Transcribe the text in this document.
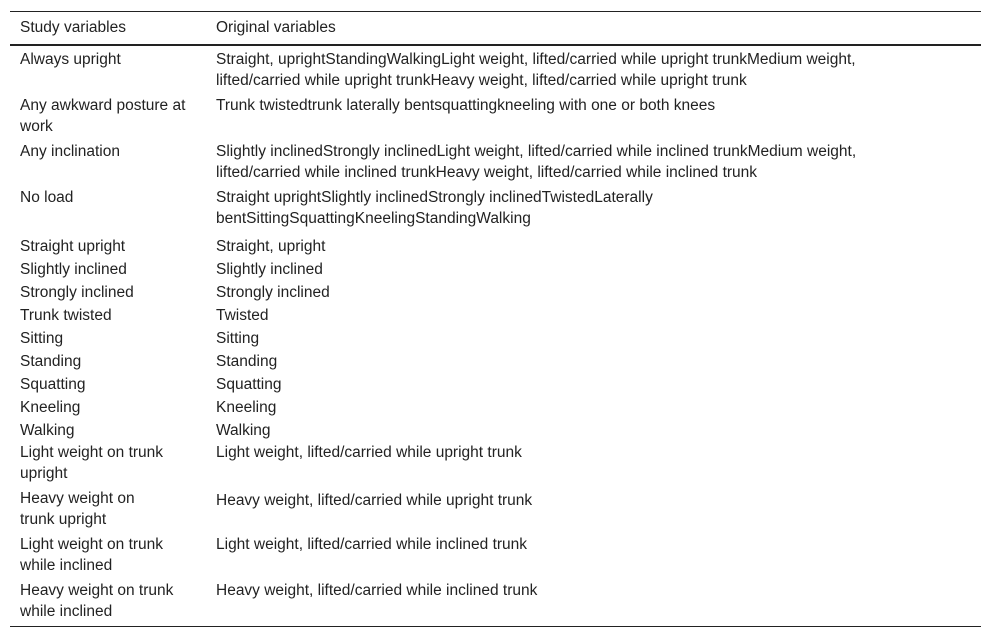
Study variables	Original variables
Always upright	Straight, uprightStandingWalkingLight weight, lifted/carried while upright trunkMedium weight, lifted/carried while upright trunkHeavy weight, lifted/carried while upright trunk
Any awkward posture at work	Trunk twistedtrunk laterally bentsquattingkneeling with one or both knees
Any inclination	Slightly inclinedStrongly inclinedLight weight, lifted/carried while inclined trunkMedium weight, lifted/carried while inclined trunkHeavy weight, lifted/carried while inclined trunk
No load	Straight uprightSlightly inclinedStrongly inclinedTwistedLaterally bentSittingSquattingKneelingStandingWalking
Straight upright	Straight, upright
Slightly inclined	Slightly inclined
Strongly inclined	Strongly inclined
Trunk twisted	Twisted
Sitting	Sitting
Standing	Standing
Squatting	Squatting
Kneeling	Kneeling
Walking	Walking
Light weight on trunk upright	Light weight, lifted/carried while upright trunk
Heavy weight on trunk upright	Heavy weight, lifted/carried while upright trunk
Light weight on trunk while inclined	Light weight, lifted/carried while inclined trunk
Heavy weight on trunk while inclined	Heavy weight, lifted/carried while inclined trunk
